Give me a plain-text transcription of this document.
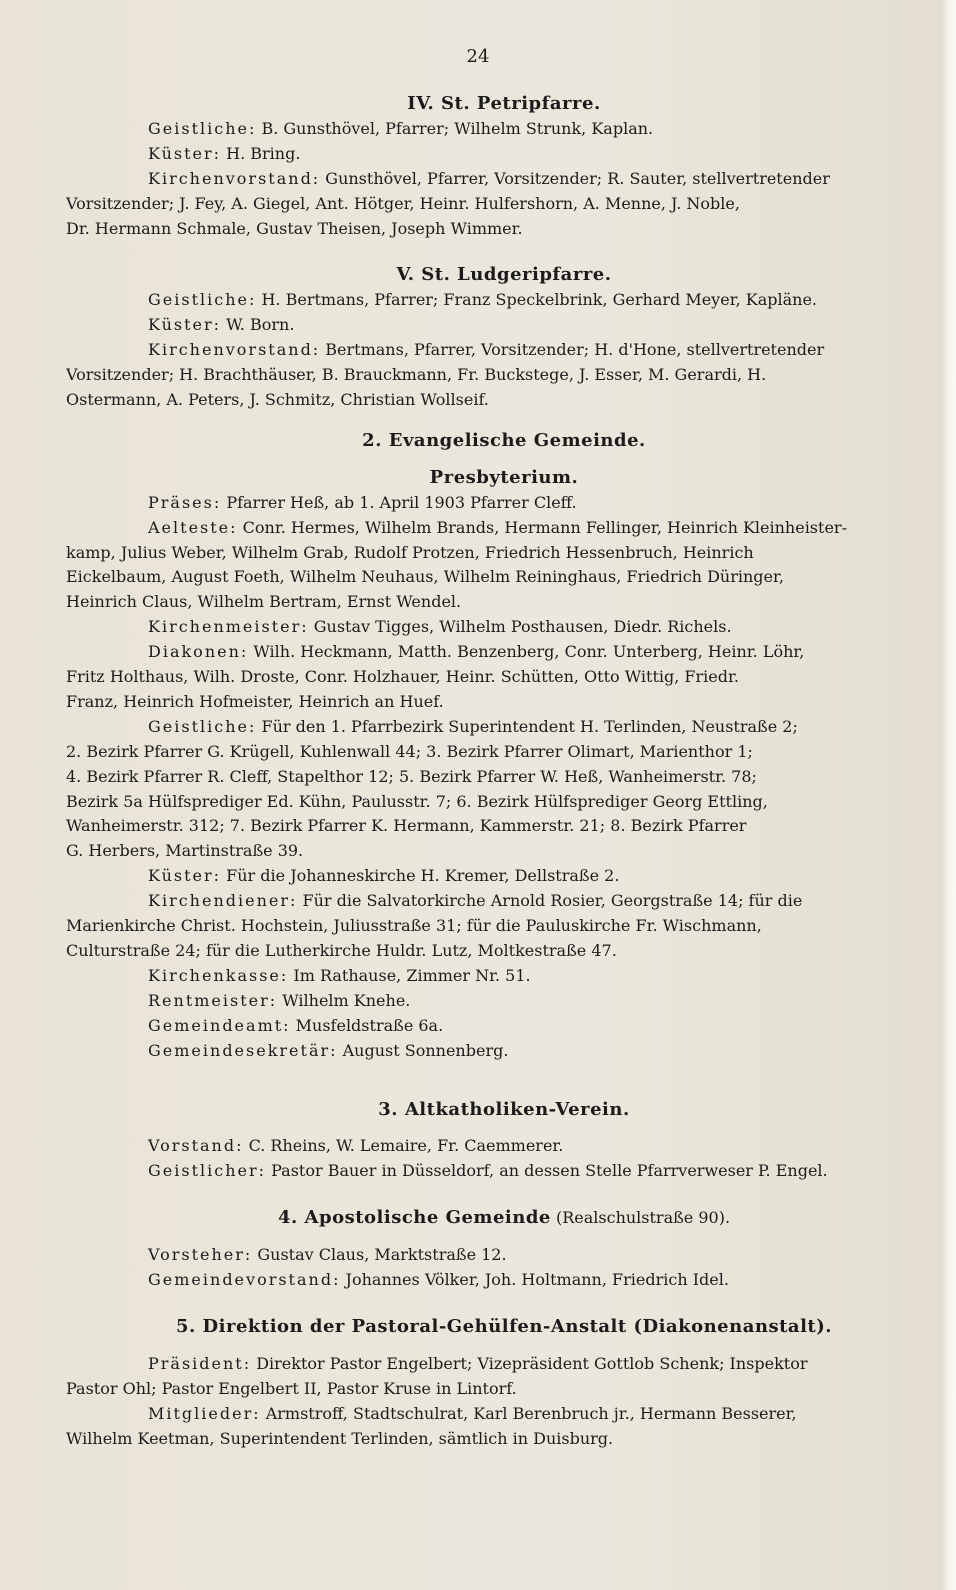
24
IV. St. Petripfarre.
Geistliche: B. Gunsthövel, Pfarrer; Wilhelm Strunk, Kaplan.
Küster: H. Bring.
Kirchenvorstand: Gunsthövel, Pfarrer, Vorsitzender; R. Sauter, stellvertretender
Vorsitzender; J. Fey, A. Giegel, Ant. Hötger, Heinr. Hulfershorn, A. Menne, J. Noble,
Dr. Hermann Schmale, Gustav Theisen, Joseph Wimmer.
V. St. Ludgeripfarre.
Geistliche: H. Bertmans, Pfarrer; Franz Speckelbrink, Gerhard Meyer, Kapläne.
Küster: W. Born.
Kirchenvorstand: Bertmans, Pfarrer, Vorsitzender; H. d'Hone, stellvertretender
Vorsitzender; H. Brachthäuser, B. Brauckmann, Fr. Buckstege, J. Esser, M. Gerardi, H.
Ostermann, A. Peters, J. Schmitz, Christian Wollseif.
2. Evangelische Gemeinde.
Presbyterium.
Präses: Pfarrer Heß, ab 1. April 1903 Pfarrer Cleff.
Aelteste: Conr. Hermes, Wilhelm Brands, Hermann Fellinger, Heinrich Kleinheister-
kamp, Julius Weber, Wilhelm Grab, Rudolf Protzen, Friedrich Hessenbruch, Heinrich
Eickelbaum, August Foeth, Wilhelm Neuhaus, Wilhelm Reininghaus, Friedrich Düringer,
Heinrich Claus, Wilhelm Bertram, Ernst Wendel.
Kirchenmeister: Gustav Tigges, Wilhelm Posthausen, Diedr. Richels.
Diakonen: Wilh. Heckmann, Matth. Benzenberg, Conr. Unterberg, Heinr. Löhr,
Fritz Holthaus, Wilh. Droste, Conr. Holzhauer, Heinr. Schütten, Otto Wittig, Friedr.
Franz, Heinrich Hofmeister, Heinrich an Huef.
Geistliche: Für den 1. Pfarrbezirk Superintendent H. Terlinden, Neustraße 2;
2. Bezirk Pfarrer G. Krügell, Kuhlenwall 44; 3. Bezirk Pfarrer Olimart, Marienthor 1;
4. Bezirk Pfarrer R. Cleff, Stapelthor 12; 5. Bezirk Pfarrer W. Heß, Wanheimerstr. 78;
Bezirk 5a Hülfsprediger Ed. Kühn, Paulusstr. 7; 6. Bezirk Hülfsprediger Georg Ettling,
Wanheimerstr. 312; 7. Bezirk Pfarrer K. Hermann, Kammerstr. 21; 8. Bezirk Pfarrer
G. Herbers, Martinstraße 39.
Küster: Für die Johanneskirche H. Kremer, Dellstraße 2.
Kirchendiener: Für die Salvatorkirche Arnold Rosier, Georgstraße 14; für die
Marienkirche Christ. Hochstein, Juliusstraße 31; für die Pauluskirche Fr. Wischmann,
Culturstraße 24; für die Lutherkirche Huldr. Lutz, Moltkestraße 47.
Kirchenkasse: Im Rathause, Zimmer Nr. 51.
Rentmeister: Wilhelm Knehe.
Gemeindeamt: Musfeldstraße 6a.
Gemeindesekretär: August Sonnenberg.
3. Altkatholiken-Verein.
Vorstand: C. Rheins, W. Lemaire, Fr. Caemmerer.
Geistlicher: Pastor Bauer in Düsseldorf, an dessen Stelle Pfarrverweser P. Engel.
4. Apostolische Gemeinde (Realschulstraße 90).
Vorsteher: Gustav Claus, Marktstraße 12.
Gemeindevorstand: Johannes Völker, Joh. Holtmann, Friedrich Idel.
5. Direktion der Pastoral-Gehülfen-Anstalt (Diakonenanstalt).
Präsident: Direktor Pastor Engelbert; Vizepräsident Gottlob Schenk; Inspektor
Pastor Ohl; Pastor Engelbert II, Pastor Kruse in Lintorf.
Mitglieder: Armstroff, Stadtschulrat, Karl Berenbruch jr., Hermann Besserer,
Wilhelm Keetman, Superintendent Terlinden, sämtlich in Duisburg.
